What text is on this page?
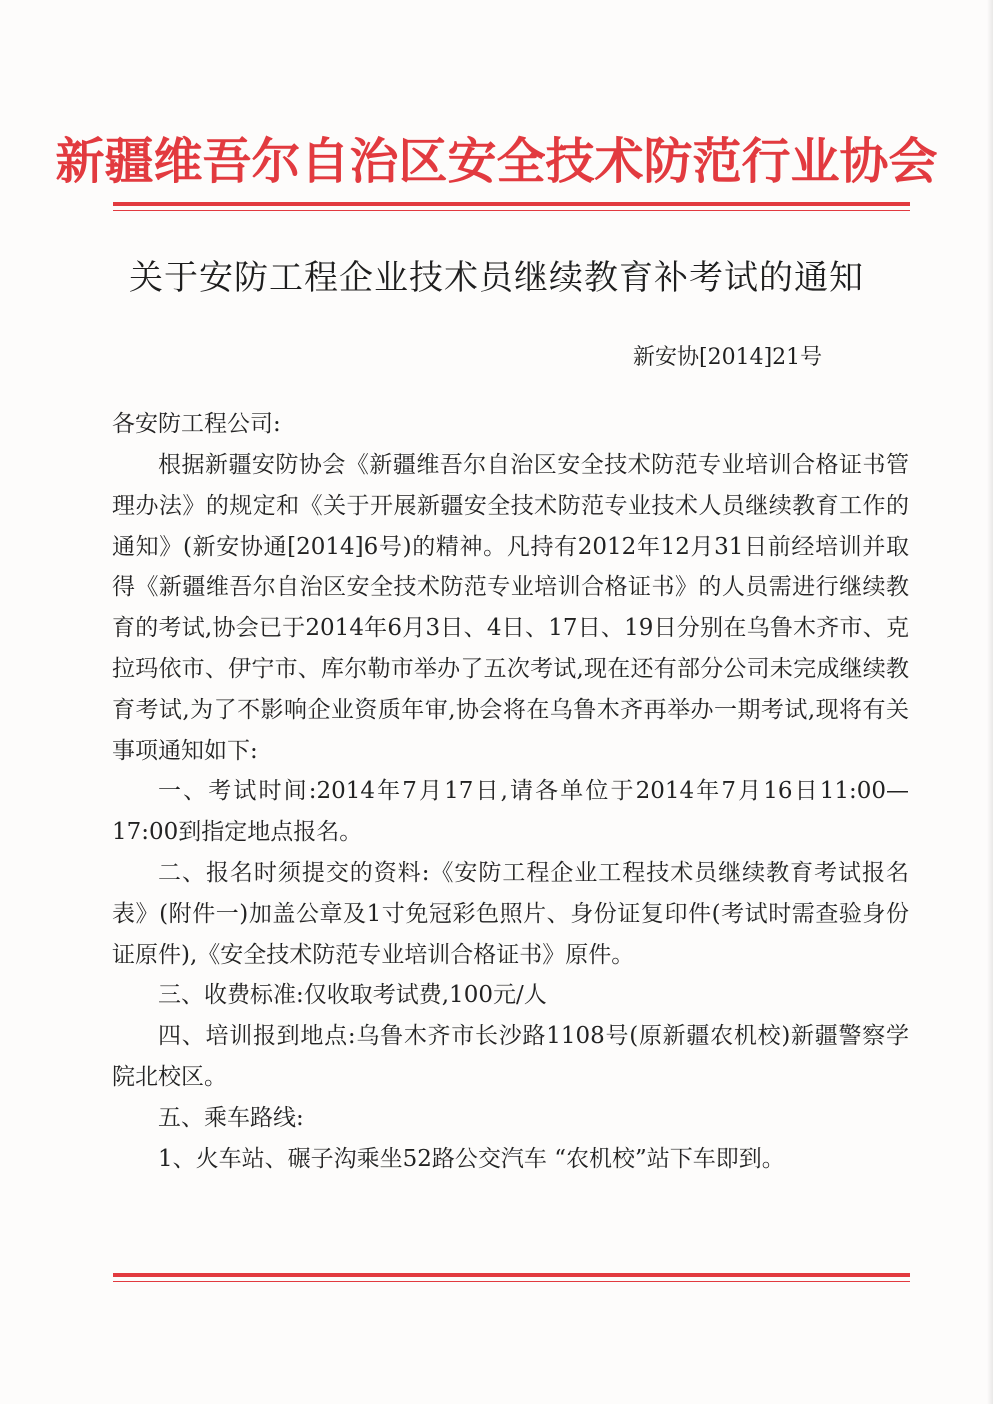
新疆维吾尔自治区安全技术防范行业协会
关于安防工程企业技术员继续教育补考试的通知
新安协[2014]21号
各安防工程公司:

根据新疆安防协会《新疆维吾尔自治区安全技术防范专业培训合格证书管理办法》的规定和《关于开展新疆安全技术防范专业技术人员继续教育工作的通知》(新安协通[2014]6号)的精神。凡持有2012年12月31日前经培训并取得《新疆维吾尔自治区安全技术防范专业培训合格证书》的人员需进行继续教育的考试,协会已于2014年6月3日、4日、17日、19日分别在乌鲁木齐市、克拉玛依市、伊宁市、库尔勒市举办了五次考试,现在还有部分公司未完成继续教育考试,为了不影响企业资质年审,协会将在乌鲁木齐再举办一期考试,现将有关事项通知如下:

一、考试时间:2014年7月17日,请各单位于2014年7月16日11:00—17:00到指定地点报名。

二、报名时须提交的资料:《安防工程企业工程技术员继续教育考试报名表》(附件一)加盖公章及1寸免冠彩色照片、身份证复印件(考试时需查验身份证原件),《安全技术防范专业培训合格证书》原件。

三、收费标准:仅收取考试费,100元/人

四、培训报到地点:乌鲁木齐市长沙路1108号(原新疆农机校)新疆警察学院北校区。

五、乘车路线:

1、火车站、碾子沟乘坐52路公交汽车 “农机校”站下车即到。
